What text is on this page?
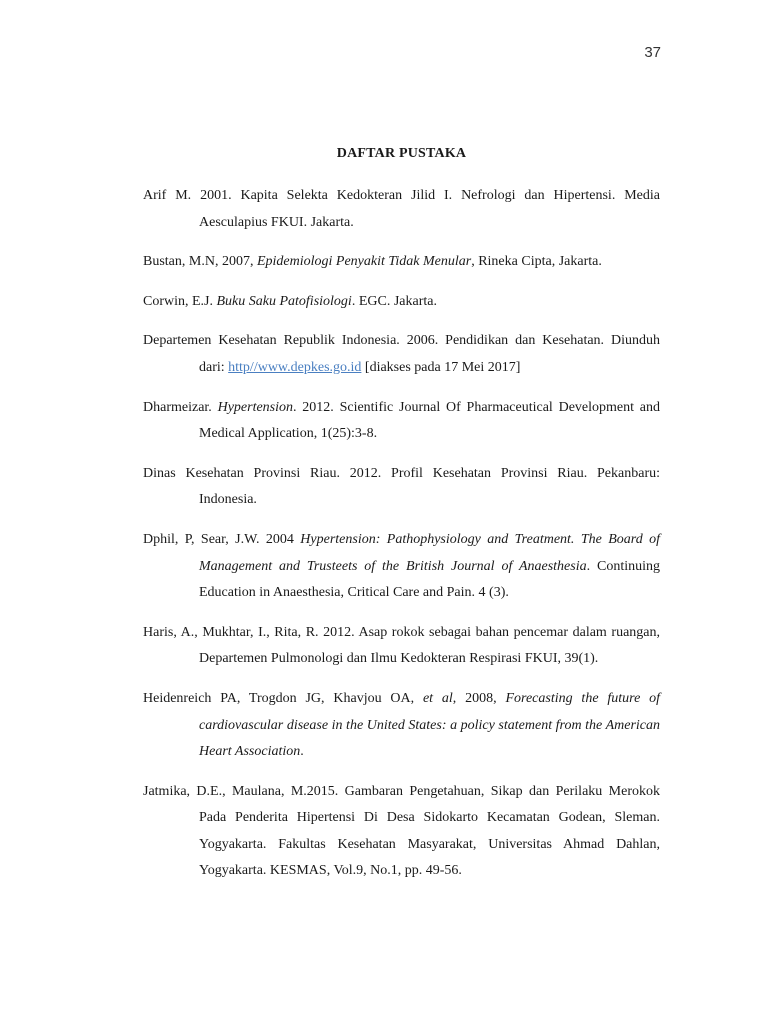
37
DAFTAR PUSTAKA

Arif M. 2001. Kapita Selekta Kedokteran Jilid I. Nefrologi dan Hipertensi. Media Aesculapius FKUI. Jakarta.

Bustan, M.N, 2007, Epidemiologi Penyakit Tidak Menular, Rineka Cipta, Jakarta.

Corwin, E.J. Buku Saku Patofisiologi. EGC. Jakarta.

Departemen Kesehatan Republik Indonesia. 2006. Pendidikan dan Kesehatan. Diunduh dari: http//www.depkes.go.id [diakses pada 17 Mei 2017]

Dharmeizar. Hypertension. 2012. Scientific Journal Of Pharmaceutical Development and Medical Application, 1(25):3-8.

Dinas Kesehatan Provinsi Riau. 2012. Profil Kesehatan Provinsi Riau. Pekanbaru: Indonesia.

Dphil, P, Sear, J.W. 2004 Hypertension: Pathophysiology and Treatment. The Board of Management and Trusteets of the British Journal of Anaesthesia. Continuing Education in Anaesthesia, Critical Care and Pain. 4 (3).

Haris, A., Mukhtar, I., Rita, R. 2012. Asap rokok sebagai bahan pencemar dalam ruangan, Departemen Pulmonologi dan Ilmu Kedokteran Respirasi FKUI, 39(1).

Heidenreich PA, Trogdon JG, Khavjou OA, et al, 2008, Forecasting the future of cardiovascular disease in the United States: a policy statement from the American Heart Association.

Jatmika, D.E., Maulana, M.2015. Gambaran Pengetahuan, Sikap dan Perilaku Merokok Pada Penderita Hipertensi Di Desa Sidokarto Kecamatan Godean, Sleman. Yogyakarta. Fakultas Kesehatan Masyarakat, Universitas Ahmad Dahlan, Yogyakarta. KESMAS, Vol.9, No.1, pp. 49-56.
